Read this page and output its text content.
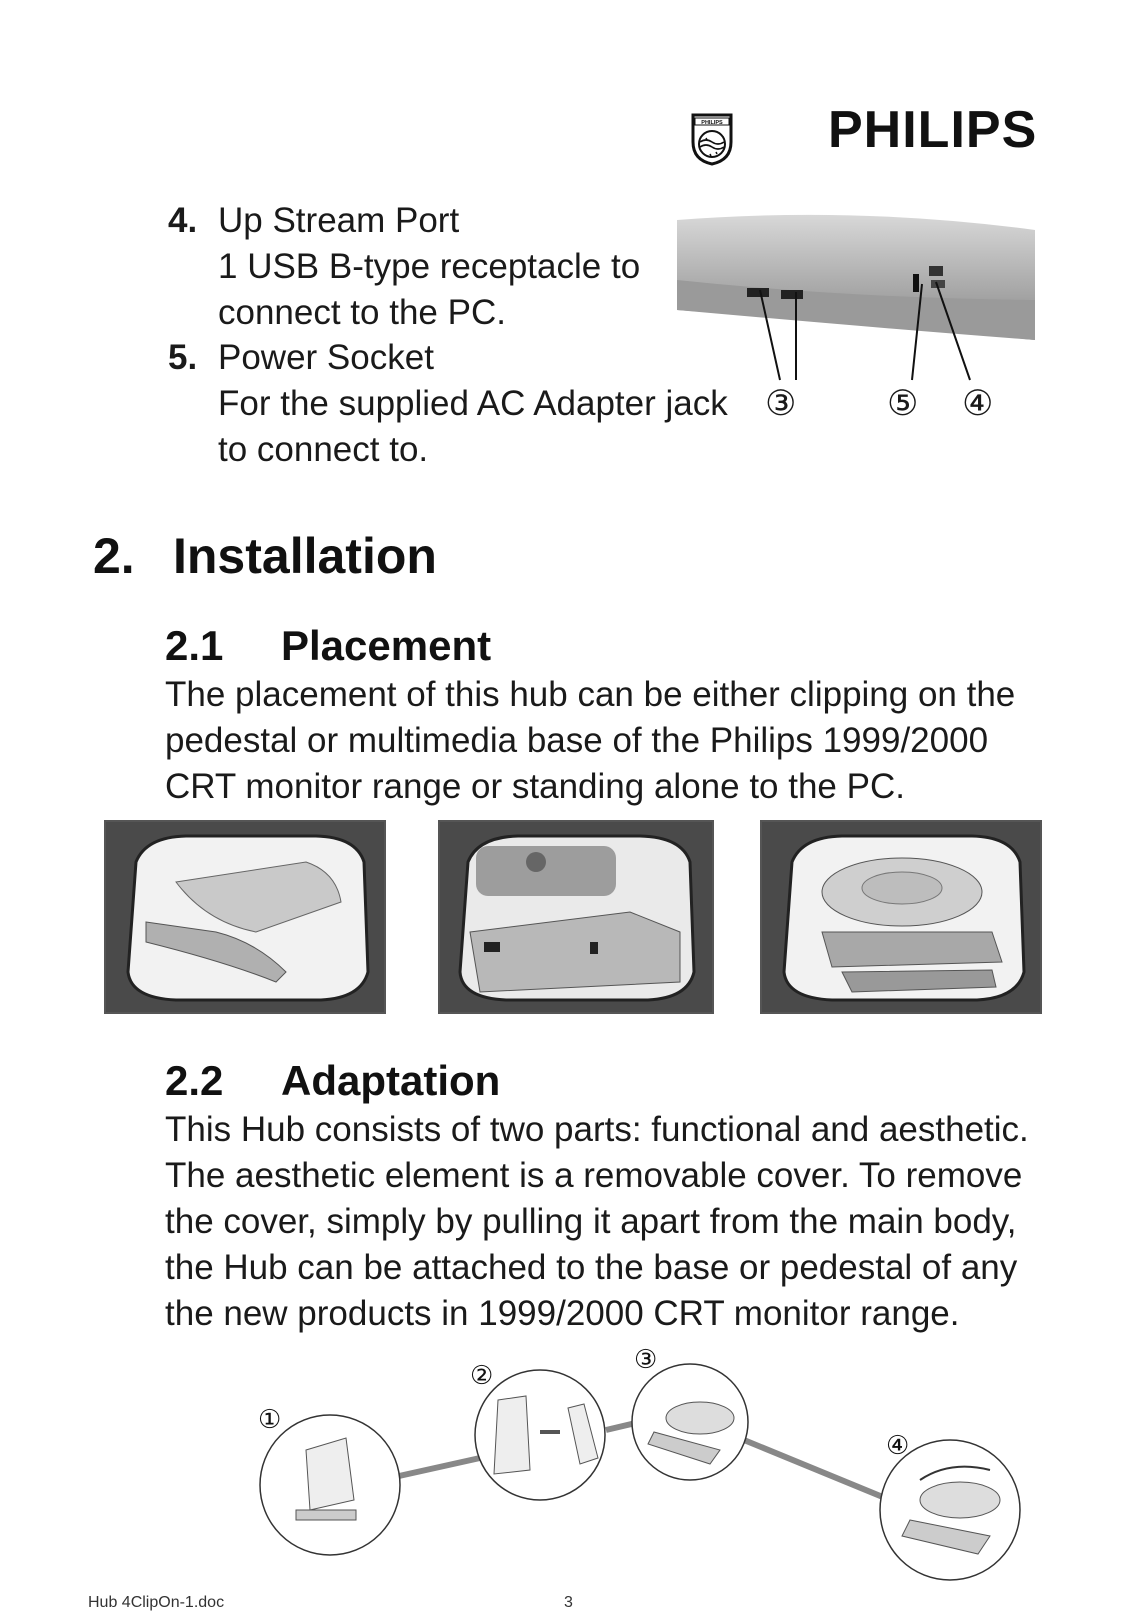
PHILIPS PHILIPS
4. Up Stream Port
1 USB B-type receptacle to
connect to the PC.
5. Power Socket
For the supplied AC Adapter jack
to connect to.
③	⑤ ④
2. Installation
2.1 Placement
The placement of this hub can be either clipping on the
pedestal or multimedia base of the Philips 1999/2000
CRT monitor range or standing alone to the PC.
2.2 Adaptation
This Hub consists of two parts: functional and aesthetic.
The aesthetic element is a removable cover. To remove
the cover, simply by pulling it apart from the main body,
the Hub can be attached to the base or pedestal of any
the new products in 1999/2000 CRT monitor range.
①
②
③
④
Hub 4ClipOn-1.doc	3
